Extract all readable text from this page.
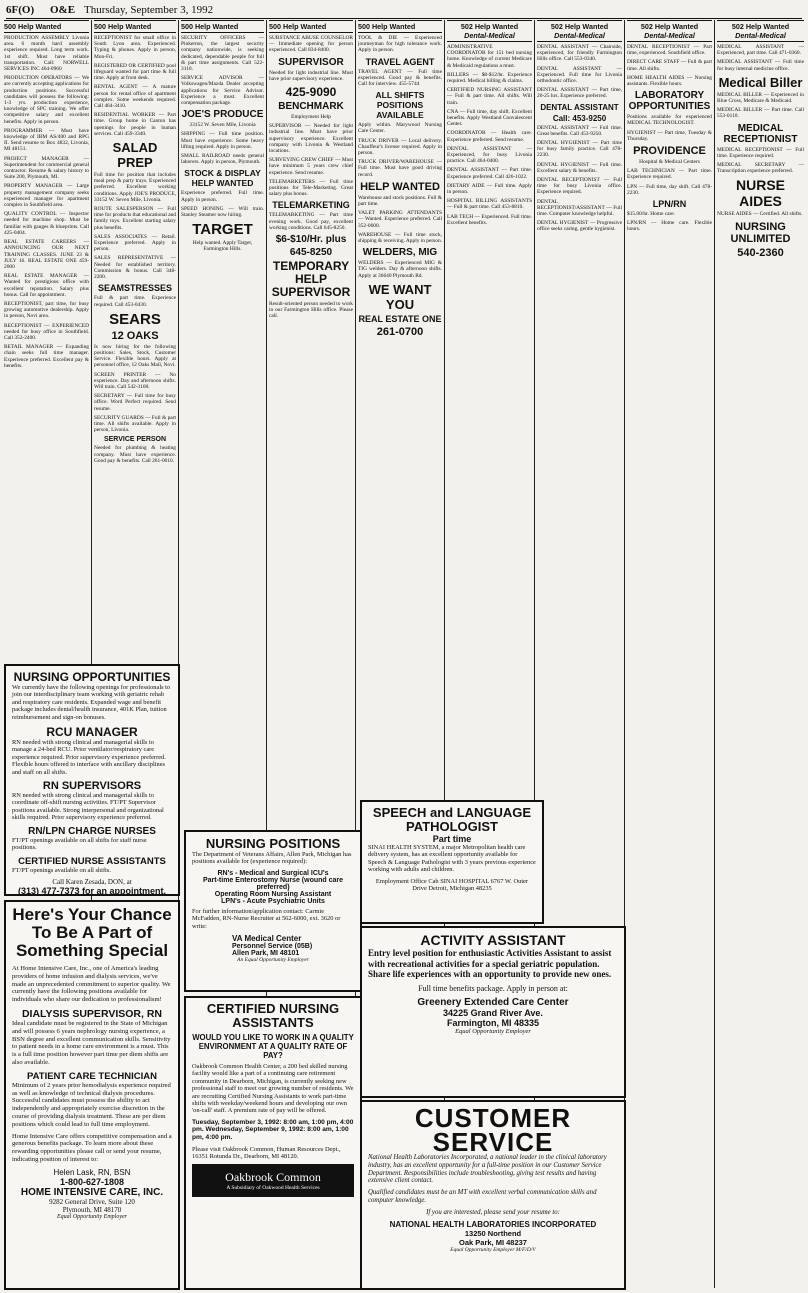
6F(O) O&E Thursday, September 3, 1992
500 Help Wanted

PRODUCTION ASSEMBLY Livonia area. 6 month hard assembly experience required. Long term work. 1st shift. Must have reliable transportation. Call: NORWELL SERVICES INC 464-0960

PRODUCTION OPERATORS — We are currently accepting applications for production positions. Successful candidates will possess the following: 1-3 yrs. production experience, knowledge of SPC training. We offer competitive salary and excellent benefits. Apply in person.

PROGRAMMER — Must have knowledge of IBM AS/400 and RPG II. Send resume to Box 4832, Livonia, MI 48151.

PROJECT MANAGER — Superintendent for commercial general contractor. Resume & salary history to Suite 200, Plymouth, MI.

PROPERTY MANAGER — Large property management company seeks experienced manager for apartment complex in Southfield area.

QUALITY CONTROL — Inspector needed for machine shop. Must be familiar with gauges & blueprints. Call 425-0404.

REAL ESTATE CAREERS — ANNOUNCING OUR NEXT TRAINING CLASSES. JUNE 23 & JULY 16. REAL ESTATE ONE 459-2000

REAL ESTATE MANAGER — Wanted for prestigious office with excellent reputation. Salary plus bonus. Call for appointment.

RECEPTIONIST, part time, for busy growing automotive dealership. Apply in person, Novi area.

RECEPTIONIST — EXPERIENCED needed for busy office in Southfield. Call 352-2400.

RETAIL MANAGER — Expanding chain seeks full time manager. Experience preferred. Excellent pay & benefits.

500 Help Wanted

RECEPTIONIST for small office in South Lyon area. Experienced. Typing & phones. Apply in person, Mon-Fri.

REGISTERED OR CERTIFIED pool lifeguard wanted for part time & full time. Apply at front desk.

RENTAL AGENT — A mature person for rental office of apartment complex. Some weekends required. Call 464-3410.

RESIDENTIAL WORKER — Part time. Group home in Canton has openings for people in human services. Call 459-3340.

SALAD PREP

Full time for position that includes meal prep & party trays. Experienced preferred. Excellent working conditions. Apply JOE'S PRODUCE, 33152 W. Seven Mile, Livonia.

ROUTE SALESPERSON — Full time for products that educational and family toys. Excellent starting salary plus benefits.

SALES ASSOCIATES — Retail. Experience preferred. Apply in person.

SALES REPRESENTATIVE — Needed for established territory. Commission & bonus. Call 348-2200.

SEAMSTRESSES

Full & part time. Experience required. Call 453-0430.

SEARS
12 OAKS

Is now hiring for the following positions: Sales, Stock, Customer Service. Flexible hours. Apply at personnel office, 12 Oaks Mall, Novi.

SCREEN PRINTER — No experience. Day and afternoon shifts. Will train. Call 542-3100.

SECRETARY — Full time for busy office. Word Perfect required. Send resume.

SECURITY GUARDS — Full & part time. All shifts available. Apply in person, Livonia.

SERVICE PERSON

Needed for plumbing & heating company. Must have experience. Good pay & benefits. Call 261-0010.

NURSING OPPORTUNITIES

We currently have the following openings for professionals to join our interdisciplinary team working with geriatric rehab and respiratory care residents. Expanded wage and benefit package includes dental/health insurance, 401K Plan, tuition reimbursement and sign-on bonuses.

RCU MANAGER

RN needed with strong clinical and managerial skills to manage a 24-bed RCU. Prior ventilator/respiratory care experience required. Prior supervisory experience preferred. Flexible hours offered to interface with ancillary disciplines and staff on all shifts.

RN SUPERVISORS

RN needed with strong clinical and managerial skills to coordinate off-shift nursing activities. FT/PT Supervisor positions available. Strong interpersonal and organizational skills required. Prior supervisory experience preferred.

RN/LPN CHARGE NURSES

FT/PT openings available on all shifts for staff nurse positions.

CERTIFIED NURSE ASSISTANTS

FT/PT openings available on all shifts.

Call Karen Zesada, DON, at
(313) 477-7373 for an appointment.
Here's Your Chance To Be A Part of Something Special

At Home Intensive Care, Inc., one of America's leading providers of home infusion and dialysis services, we've made an unprecedented commitment to superior quality. We currently have the following positions available for individuals who share our dedication to professionalism!

DIALYSIS SUPERVISOR, RN

Ideal candidate must be registered in the State of Michigan and will possess 6 years nephrology nursing experience, a BSN degree and excellent communication skills. Sensitivity to patient needs in a home care environment is a must. This is a full time position however part time per diem shifts are also available.

PATIENT CARE TECHNICIAN

Minimum of 2 years prior hemodialysis experience required as well as knowledge of technical dialysis procedures. Successful candidates must possess the ability to act independently and appropriately exercise discretion in the course of providing dialysis treatment. These are per diem positions which could lead to full time employment.

Home Intensive Care offers competitive compensation and a generous benefits package. To learn more about these rewarding opportunities please call or send your resume, indicating position of interest to:

Helen Lask, RN, BSN
1-800-627-1808
HOME INTENSIVE CARE, INC.
9282 General Drive, Suite 120
Plymouth, MI 48170
Equal Opportunity Employer
500 Help Wanted

SECURITY OFFICERS — Pinkerton, the largest security company nationwide, is seeking dedicated, dependable people for full & part time assignments. Call 522-3110.

SERVICE ADVISOR — Volkswagen/Mazda Dealer accepting applications for Service Advisor. Experience a must. Excellent compensation package.

JOE'S PRODUCE

33152 W. Seven Mile, Livonia

SHIPPING — Full time position. Must have experience. Some heavy lifting required. Apply in person.

SMALL RAILROAD needs general laborers. Apply in person, Plymouth.

STOCK & DISPLAY HELP WANTED

Experience preferred. Full time. Apply in person.

SPEED HONING — Will train. Stanley Steamer now hiring.

TARGET

Help wanted. Apply Target, Farmington Hills.

500 Help Wanted

SUBSTANCE ABUSE COUNSELOR — Immediate opening for person experienced. Call 834-8400.

SUPERVISOR

Needed for light industrial line. Must have prior supervisory experience.

425-9090
BENCHMARK

Employment Help

SUPERVISOR — Needed for light industrial line. Must have prior supervisory experience. Excellent company with Livonia & Westland locations.

SURVEYING CREW CHIEF — Must have minimum 5 years crew chief experience. Send resume.

TELEMARKETERS — Full time positions for Tele-Marketing. Great salary plus bonus.

TELEMARKETING

TELEMARKETING — Part time evening work. Good pay, excellent working conditions. Call 645-8250.

$6-$10/Hr. plus
645-8250
TEMPORARY HELP SUPERVISOR

Result-oriented person needed to work in our Farmington Hills office. Please call.

NURSING POSITIONS

The Department of Veterans Affairs, Allen Park, Michigan has positions available for (experience required):

RN's - Medical and Surgical ICU's
Part-time Enterostomy Nurse (wound care preferred)
Operating Room Nursing Assistant
LPN's - Acute Psychiatric Units

For further information/application contact: Carmie McFadden, RN-Nurse Recruiter at 562-6000, ext. 3620 or write:

VA Medical Center
Personnel Service (05B)
Allen Park, MI 48101
An Equal Opportunity Employer
CERTIFIED NURSING ASSISTANTS
WOULD YOU LIKE TO WORK IN A QUALITY ENVIRONMENT AT A QUALITY RATE OF PAY?

Oakbrook Common Health Center, a 200 bed skilled nursing facility would like a part of a continuing care retirement community in Dearborn, Michigan, is currently seeking new professional staff to meet our growing number of residents. We are recruiting Certified Nursing Assistants to work part-time shifts with weekday/weekend hours and developing our own 'on-call' staff. A premium rate of pay will be offered.

Tuesday, September 3, 1992: 8:00 am, 1:00 pm, 4:00 pm. Wednesday, September 9, 1992: 8:00 am, 1:00 pm, 4:00 pm.

Please visit Oakbrook Common, Human Resources Dept., 16351 Rotunda Dr., Dearborn, MI 48120.

Oakbrook Common
A Subsidiary of Oakwood Health Services
500 Help Wanted

TOOL & DIE — Experienced journeyman for high tolerance work. Apply in person.

TRAVEL AGENT

TRAVEL AGENT — Full time experienced. Good pay & benefits. Call for interview. 455-5744

ALL SHIFTS POSITIONS AVAILABLE

Apply within. Marywood Nursing Care Center.

TRUCK DRIVER — Local delivery. Chauffeur's license required. Apply in person.

TRUCK DRIVER/WAREHOUSE — Full time. Must have good driving record.

HELP WANTED

Warehouse and stock positions. Full & part time.

VALET PARKING ATTENDANTS — Wanted. Experience preferred. Call 352-0600.

WAREHOUSE — Full time stock, shipping & receiving. Apply in person.

WELDERS, MIG

WELDERS — Experienced MIG & TIG welders. Day & afternoon shifts. Apply at 36640 Plymouth Rd.

WE WANT YOU
REAL ESTATE ONE
261-0700
502 Help Wanted
Dental-Medical

ADMINISTRATIVE COORDINATOR for 151 bed nursing home. Knowledge of current Medicare & Medicaid regulations a must.

BILLERS — $8-$12/hr. Experience required. Medical billing & claims.

CERTIFIED NURSING ASSISTANT — Full & part time. All shifts. Will train.

CNA — Full time, day shift. Excellent benefits. Apply Westland Convalescent Center.

COORDINATOR — Health care. Experience preferred. Send resume.

DENTAL ASSISTANT — Experienced, for busy Livonia practice. Call 464-0400.

DENTAL ASSISTANT — Part time. Experience preferred. Call 426-1022.

DIETARY AIDE — Full time. Apply in person.

HOSPITAL BILLING ASSISTANTS — Full & part time. Call 453-8810.

LAB TECH — Experienced. Full time. Excellent benefits.

SPEECH and LANGUAGE PATHOLOGIST
Part time

SINAI HEALTH SYSTEM, a major Metropolitan health care delivery system, has an excellent opportunity available for Speech & Language Pathologist with 3 years previous experience working with adults and children.

Employment Office Cab SINAI HOSPITAL 6767 W. Outer Drive Detroit, Michigan 48235

ACTIVITY ASSISTANT

Entry level position for enthusiastic Activities Assistant to assist with recreational activities for a special geriatric population. Share life experiences with an opportunity to provide new ones.

Full time benefits package. Apply in person at:

Greenery Extended Care Center
34225 Grand River Ave.
Farmington, MI 48335
Equal Opportunity Employer
CUSTOMER
SERVICE

National Health Laboratories Incorporated, a national leader in the clinical laboratory industry, has an excellent opportunity for a full-time position in our Customer Service Department. Responsibilities include troubleshooting, giving test results and having extensive client contact.

Qualified candidates must be an MT with excellent verbal communication skills and computer knowledge.

If you are interested, please send your resume to:

NATIONAL HEALTH LABORATORIES INCORPORATED
13250 Northend
Oak Park, MI 48237
Equal Opportunity Employer M/F/D/V
502 Help Wanted
Dental-Medical

DENTAL ASSISTANT — Chairside, experienced, for friendly Farmington Hills office. Call 553-0340.

DENTAL ASSISTANT — Experienced. Full time for Livonia orthodontic office.

DENTAL ASSISTANT — Part time, 20-25 hrs. Experience preferred.

DENTAL ASSISTANT
Call: 453-9250

DENTAL ASSISTANT — Full time. Great benefits. Call 453-9250.

DENTAL HYGIENIST — Part time for busy family practice. Call 478-2230.

DENTAL HYGIENIST — Full time. Excellent salary & benefits.

DENTAL RECEPTIONIST — Full time for busy Livonia office. Experience required.

DENTAL RECEPTIONIST/ASSISTANT — Full time. Computer knowledge helpful.

DENTAL HYGIENIST — Progressive office seeks caring, gentle hygienist.

502 Help Wanted
Dental-Medical

DENTAL RECEPTIONIST — Part time, experienced. Southfield office.

DIRECT CARE STAFF — Full & part time. All shifts.

HOME HEALTH AIDES — Nursing assistants. Flexible hours.

LABORATORY OPPORTUNITIES

Positions available for experienced MEDICAL TECHNOLOGIST.

HYGIENIST — Part time, Tuesday & Thursday.

PROVIDENCE

Hospital & Medical Centers

LAB TECHNICIAN — Part time. Experience required.

LPN — Full time, day shift. Call 478-2230.

LPN/RN

$15.00/hr. Home care.

LPN/RN — Home care. Flexible hours.

502 Help Wanted
Dental-Medical

MEDICAL ASSISTANT — Experienced, part time. Call 471-0360.

MEDICAL ASSISTANT — Full time for busy internal medicine office.

Medical Biller

MEDICAL BILLER — Experienced in Blue Cross, Medicare & Medicaid.

MEDICAL BILLER — Part time. Call 553-0110.

MEDICAL RECEPTIONIST

MEDICAL RECEPTIONIST — Full time. Experience required.

MEDICAL SECRETARY — Transcription experience preferred.

NURSE AIDES

NURSE AIDES — Certified. All shifts.

NURSING UNLIMITED
540-2360
